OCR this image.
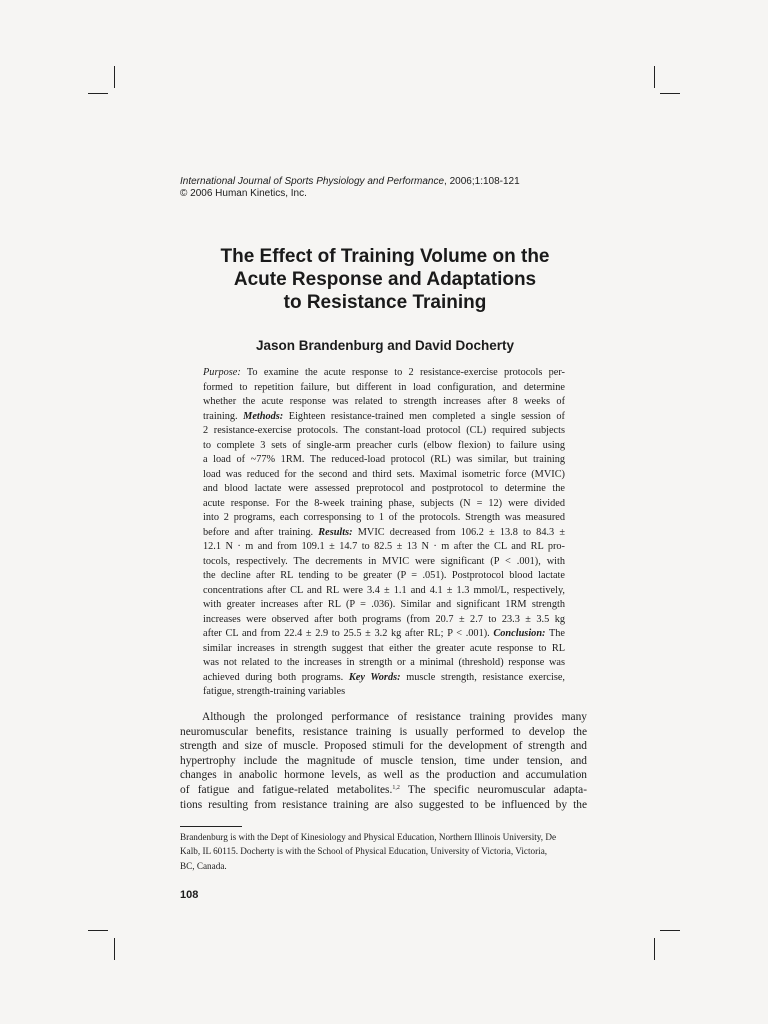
International Journal of Sports Physiology and Performance, 2006;1:108-121
© 2006 Human Kinetics, Inc.
The Effect of Training Volume on the
Acute Response and Adaptations
to Resistance Training
Jason Brandenburg and David Docherty
Purpose: To examine the acute response to 2 resistance-exercise protocols per-
formed to repetition failure, but different in load configuration, and determine
whether the acute response was related to strength increases after 8 weeks of
training. Methods: Eighteen resistance-trained men completed a single session of
2 resistance-exercise protocols. The constant-load protocol (CL) required subjects
to complete 3 sets of single-arm preacher curls (elbow flexion) to failure using
a load of ~77% 1RM. The reduced-load protocol (RL) was similar, but training
load was reduced for the second and third sets. Maximal isometric force (MVIC)
and blood lactate were assessed preprotocol and postprotocol to determine the
acute response. For the 8-week training phase, subjects (N = 12) were divided
into 2 programs, each corresponsing to 1 of the protocols. Strength was measured
before and after training. Results: MVIC decreased from 106.2 ± 13.8 to 84.3 ±
12.1 N · m and from 109.1 ± 14.7 to 82.5 ± 13 N · m after the CL and RL pro-
tocols, respectively. The decrements in MVIC were significant (P < .001), with
the decline after RL tending to be greater (P = .051). Postprotocol blood lactate
concentrations after CL and RL were 3.4 ± 1.1 and 4.1 ± 1.3 mmol/L, respectively,
with greater increases after RL (P = .036). Similar and significant 1RM strength
increases were observed after both programs (from 20.7 ± 2.7 to 23.3 ± 3.5 kg
after CL and from 22.4 ± 2.9 to 25.5 ± 3.2 kg after RL; P < .001). Conclusion: The
similar increases in strength suggest that either the greater acute response to RL
was not related to the increases in strength or a minimal (threshold) response was
achieved during both programs. Key Words: muscle strength, resistance exercise,
fatigue, strength-training variables
Although the prolonged performance of resistance training provides many
neuromuscular benefits, resistance training is usually performed to develop the
strength and size of muscle. Proposed stimuli for the development of strength and
hypertrophy include the magnitude of muscle tension, time under tension, and
changes in anabolic hormone levels, as well as the production and accumulation
of fatigue and fatigue-related metabolites.$^{1,2}$ The specific neuromuscular adapta-
tions resulting from resistance training are also suggested to be influenced by the
Brandenburg is with the Dept of Kinesiology and Physical Education, Northern Illinois University, De
Kalb, IL 60115. Docherty is with the School of Physical Education, University of Victoria, Victoria,
BC, Canada.
108
